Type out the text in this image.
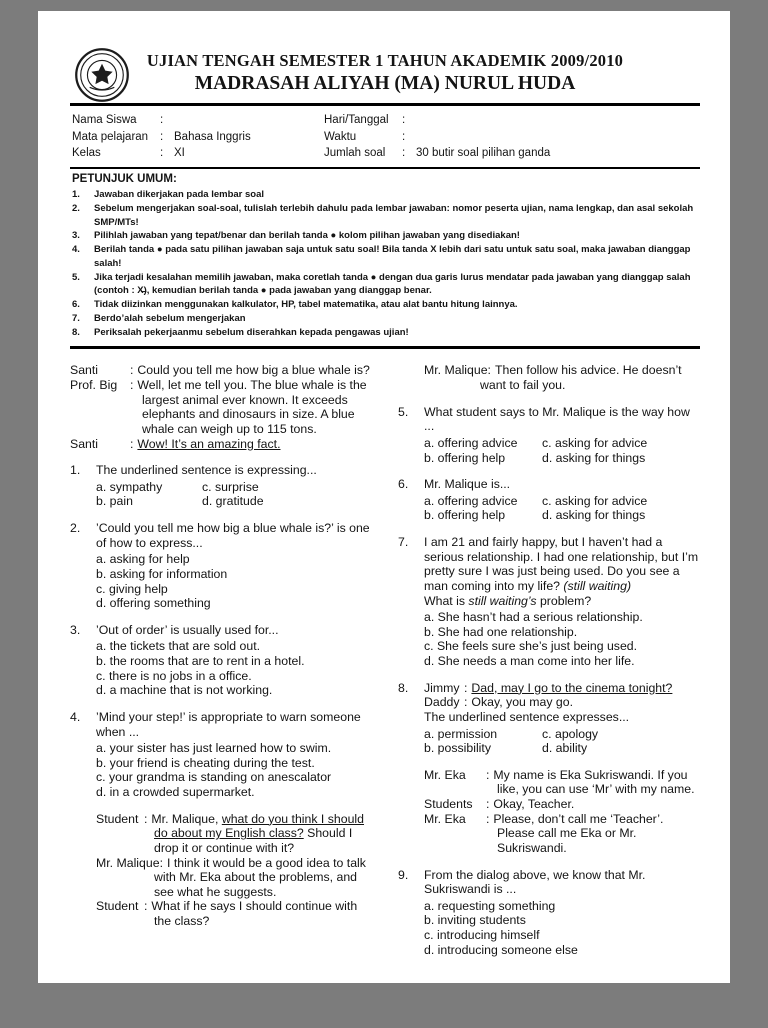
UJIAN TENGAH SEMESTER 1 TAHUN AKADEMIK 2009/2010
MADRASAH ALIYAH (MA) NURUL HUDA
Nama Siswa	:
Mata pelajaran	: Bahasa Inggris
Kelas	: XI
Hari/Tanggal	:
Waktu	:
Jumlah soal	: 30 butir soal pilihan ganda
PETUNJUK UMUM:
1.	Jawaban dikerjakan pada lembar soal
2.	Sebelum mengerjakan soal-soal, tulislah terlebih dahulu pada lembar jawaban: nomor peserta ujian, nama lengkap, dan asal sekolah SMP/MTs!
3.	Pilihlah jawaban yang tepat/benar dan berilah tanda ● kolom pilihan jawaban yang disediakan!
4.	Berilah tanda ● pada satu pilihan jawaban saja untuk satu soal! Bila tanda X lebih dari satu untuk satu soal, maka jawaban dianggap salah!
5.	Jika terjadi kesalahan memilih jawaban, maka coretlah tanda ● dengan dua garis lurus mendatar pada jawaban yang dianggap salah (contoh : X̶), kemudian berilah tanda ● pada jawaban yang dianggap benar.
6.	Tidak diizinkan menggunakan kalkulator, HP, tabel matematika, atau alat bantu hitung lainnya.
7.	Berdo’alah sebelum mengerjakan
8.	Periksalah pekerjaanmu sebelum diserahkan kepada pengawas ujian!
Santi	: Could you tell me how big a blue whale is?
Prof. Big : Well, let me tell you. The blue whale is the largest animal ever known. It exceeds elephants and dinosaurs in size. A blue whale can weigh up to 115 tons.
Santi	: Wow! It’s an amazing fact.
1.	The underlined sentence is expressing...
a. sympathy	c. surprise
b. pain	d. gratitude
2.	’Could you tell me how big a blue whale is?’ is one of how to express...
a. asking for help
b. asking for information
c. giving help
d. offering something
3.	’Out of order’ is usually used for...
a. the tickets that are sold out.
b. the rooms that are to rent in a hotel.
c. there is no jobs in a office.
d. a machine that is not working.
4.	’Mind your step!’ is appropriate to warn someone when ...
a. your sister has just learned how to swim.
b. your friend is cheating during the test.
c. your grandma is standing on anescalator
d. in a crowded supermarket.
Student : Mr. Malique, what do you think I should do about my English class? Should I drop it or continue with it?
Mr. Malique: I think it would be a good idea to talk with Mr. Eka about the problems, and see what he suggests.
Student : What if he says I should continue with the class?
Mr. Malique: Then follow his advice. He doesn’t want to fail you.
5.	What student says to Mr. Malique is the way how ...
a. offering advice	c. asking for advice
b. offering help	d. asking for things
6.	Mr. Malique is...
a. offering advice	c. asking for advice
b. offering help	d. asking for things
7.	I am 21 and fairly happy, but I haven’t had a serious relationship. I had one relationship, but I’m pretty sure I was just being used. Do you see a man coming into my life? (still waiting)
What is still waiting’s problem?
a. She hasn’t had a serious relationship.
b. She had one relationship.
c. She feels sure she’s just being used.
d. She needs a man come into her life.
8.	Jimmy : Dad, may I go to the cinema tonight?
Daddy : Okay, you may go.
The underlined sentence expresses...
a. permission	c. apology
b. possibility	d. ability
Mr. Eka : My name is Eka Sukriswandi. If you like, you can use ‘Mr’ with my name.
Students : Okay, Teacher.
Mr. Eka : Please, don’t call me ‘Teacher’. Please call me Eka or Mr. Sukriswandi.
9.	From the dialog above, we know that Mr. Sukriswandi is ...
a. requesting something
b. inviting students
c. introducing himself
d. introducing someone else
